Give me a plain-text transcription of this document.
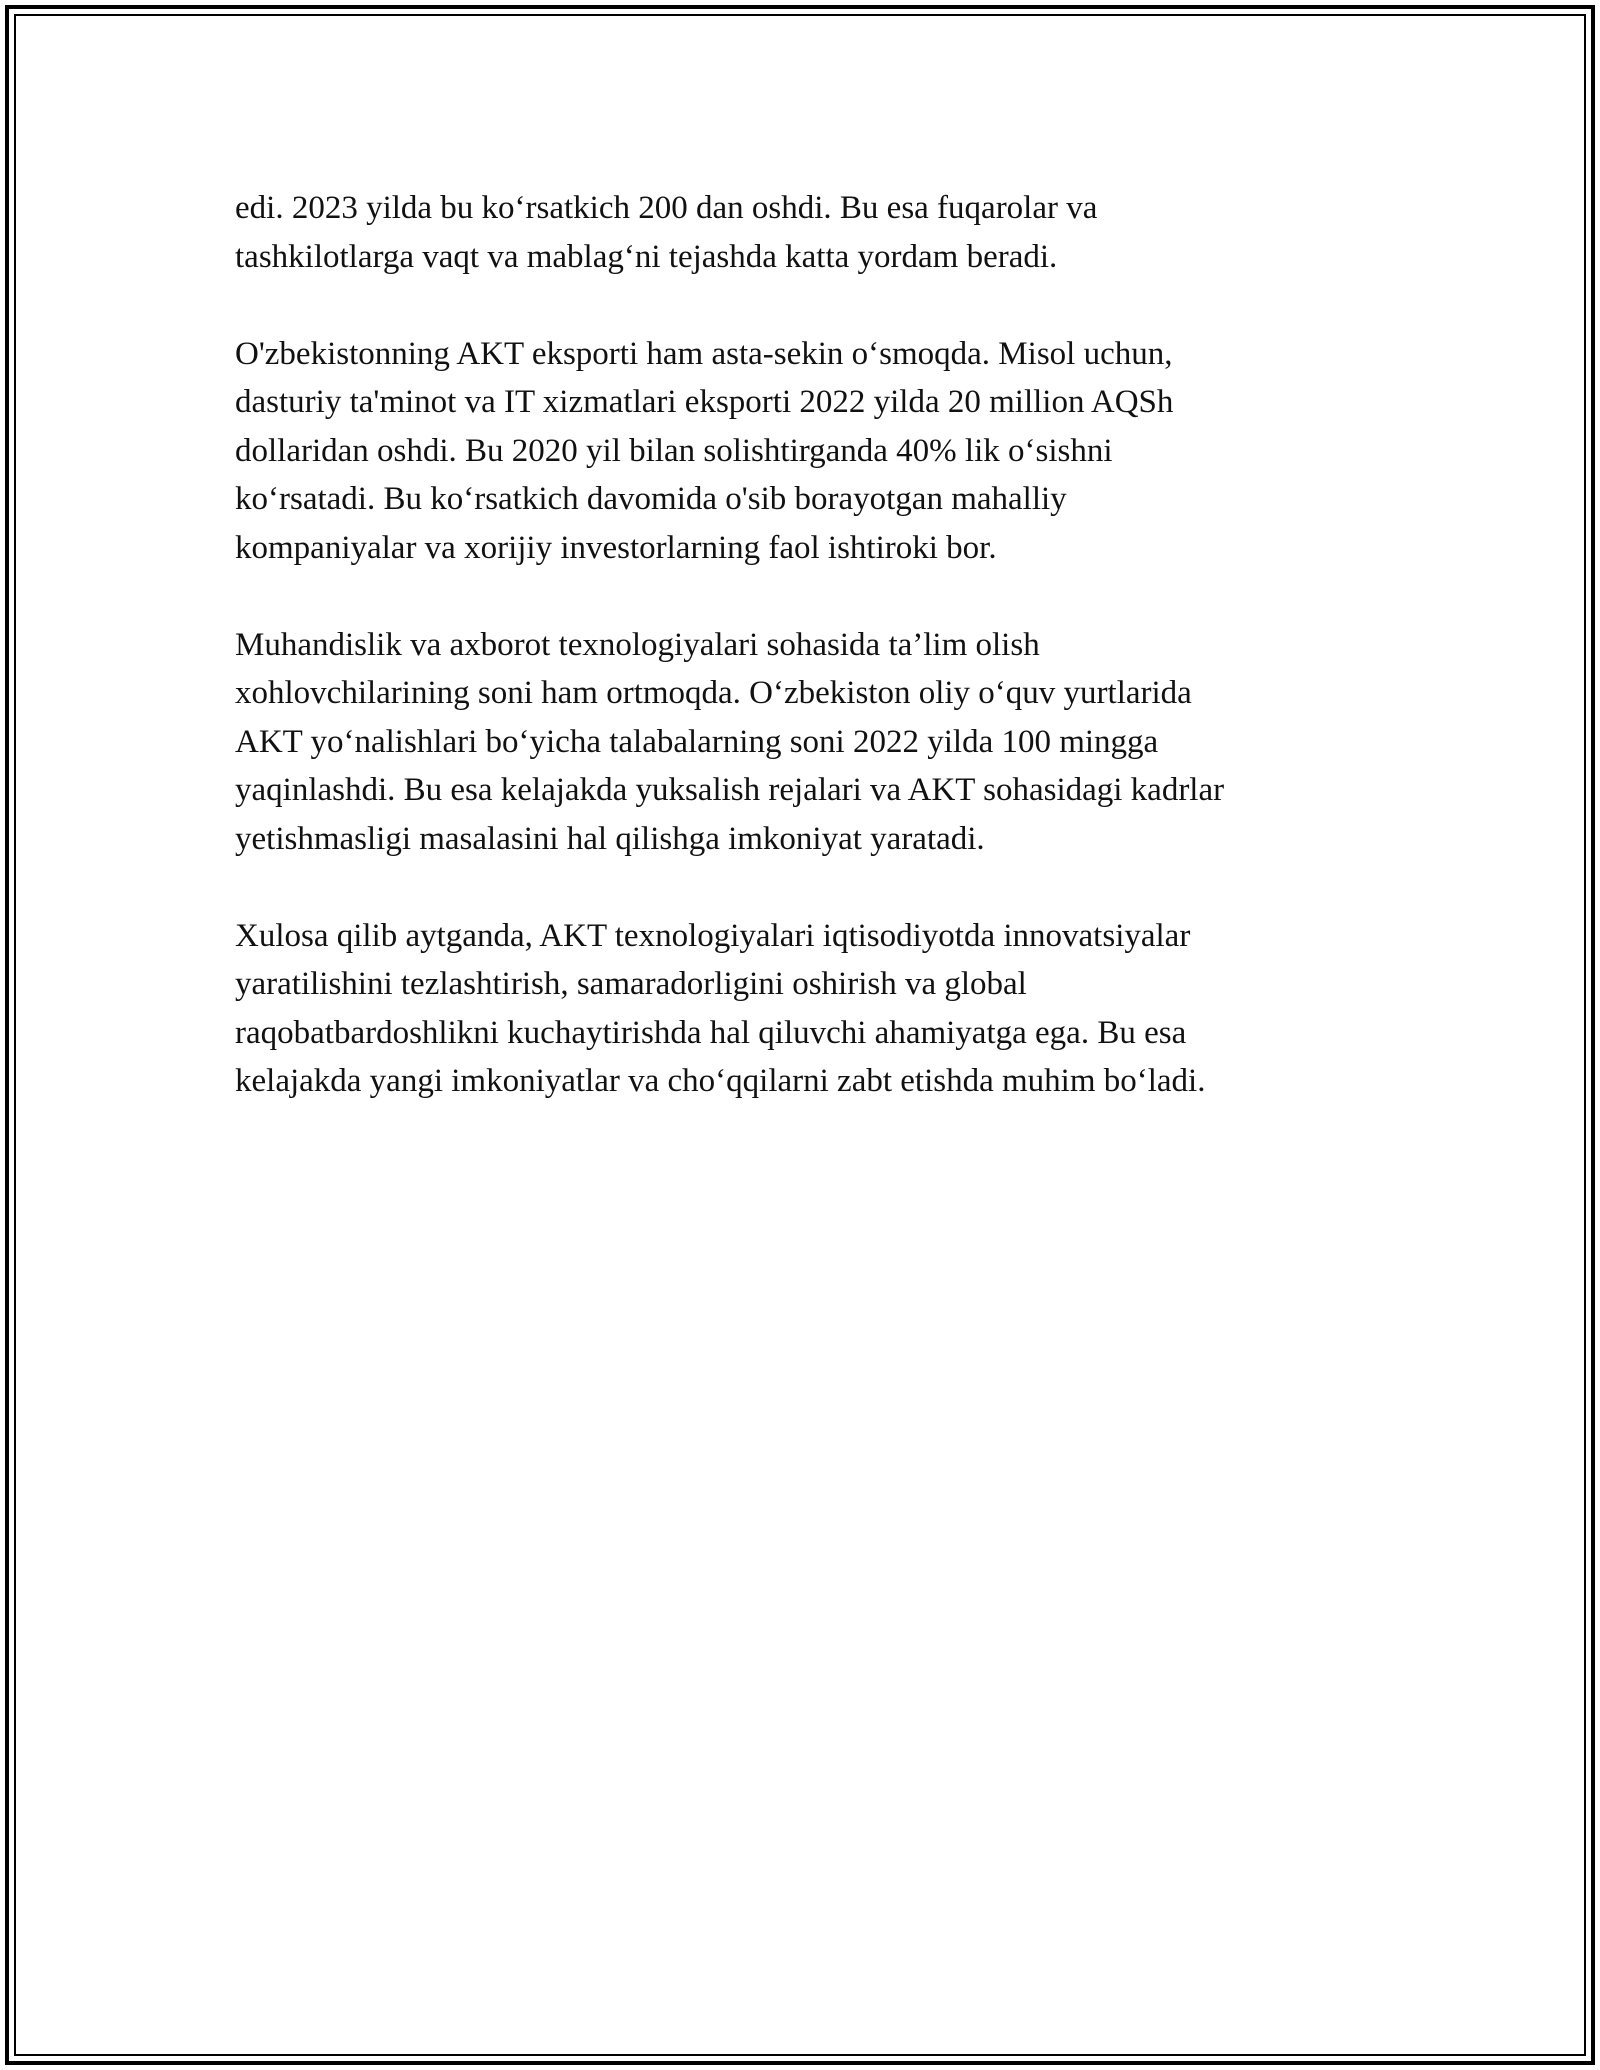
edi. 2023 yilda bu ko‘rsatkich 200 dan oshdi. Bu esa fuqarolar va
tashkilotlarga vaqt va mablag‘ni tejashda katta yordam beradi.

O'zbekistonning AKT eksporti ham asta-sekin o‘smoqda. Misol uchun,
dasturiy ta'minot va IT xizmatlari eksporti 2022 yilda 20 million AQSh
dollaridan oshdi. Bu 2020 yil bilan solishtirganda 40% lik o‘sishni
ko‘rsatadi. Bu ko‘rsatkich davomida o'sib borayotgan mahalliy
kompaniyalar va xorijiy investorlarning faol ishtiroki bor.

Muhandislik va axborot texnologiyalari sohasida ta’lim olish
xohlovchilarining soni ham ortmoqda. O‘zbekiston oliy o‘quv yurtlarida
AKT yo‘nalishlari bo‘yicha talabalarning soni 2022 yilda 100 mingga
yaqinlashdi. Bu esa kelajakda yuksalish rejalari va AKT sohasidagi kadrlar
yetishmasligi masalasini hal qilishga imkoniyat yaratadi.

Xulosa qilib aytganda, AKT texnologiyalari iqtisodiyotda innovatsiyalar
yaratilishini tezlashtirish, samaradorligini oshirish va global
raqobatbardoshlikni kuchaytirishda hal qiluvchi ahamiyatga ega. Bu esa
kelajakda yangi imkoniyatlar va cho‘qqilarni zabt etishda muhim bo‘ladi.
